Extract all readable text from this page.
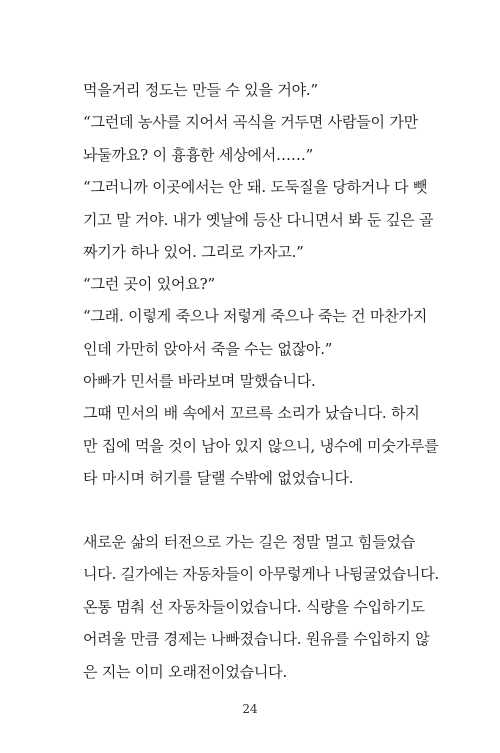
먹을거리 정도는 만들 수 있을 거야.”
“그런데 농사를 지어서 곡식을 거두면 사람들이 가만
놔둘까요? 이 흉흉한 세상에서……”
“그러니까 이곳에서는 안 돼. 도둑질을 당하거나 다 뺏
기고 말 거야. 내가 옛날에 등산 다니면서 봐 둔 깊은 골
짜기가 하나 있어. 그리로 가자고.”
“그런 곳이 있어요?”
“그래. 이렇게 죽으나 저렇게 죽으나 죽는 건 마찬가지
인데 가만히 앉아서 죽을 수는 없잖아.”
아빠가 민서를 바라보며 말했습니다.
그때 민서의 배 속에서 꼬르륵 소리가 났습니다. 하지
만 집에 먹을 것이 남아 있지 않으니, 냉수에 미숫가루를
타 마시며 허기를 달랠 수밖에 없었습니다.
새로운 삶의 터전으로 가는 길은 정말 멀고 힘들었습
니다. 길가에는 자동차들이 아무렇게나 나뒹굴었습니다.
온통 멈춰 선 자동차들이었습니다. 식량을 수입하기도
어려울 만큼 경제는 나빠졌습니다. 원유를 수입하지 않
은 지는 이미 오래전이었습니다.
24
